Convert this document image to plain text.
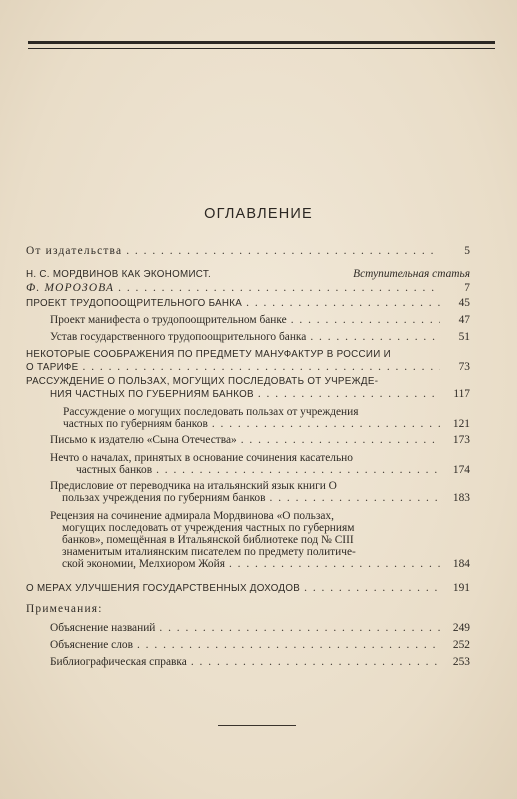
ОГЛАВЛЕНИЕ
От издательства . . .	5
Н. С. МОРДВИНОВ КАК ЭКОНОМИСТ.	Вступительная статья
Ф. МОРОЗОВА . . .	7
ПРОЕКТ ТРУДОПООЩРИТЕЛЬНОГО БАНКА . . .	45
Проект манифеста о трудопоощрительном банке . . .	47
Устав государственного трудопоощрительного банка . . .	51
НЕКОТОРЫЕ СООБРАЖЕНИЯ ПО ПРЕДМЕТУ МАНУФАКТУР В РОССИИ И
О ТАРИФЕ . . .	73
РАССУЖДЕНИЕ О ПОЛЬЗАХ, МОГУЩИХ ПОСЛЕДОВАТЬ ОТ УЧРЕЖДЕ-
НИЯ ЧАСТНЫХ ПО ГУБЕРНИЯМ БАНКОВ . . .	117
Рассуждение о могущих последовать пользах от учреждения
частных по губерниям банков . . .	121
Письмо к издателю «Сына Отечества» . . .	173
Нечто о началах, принятых в основание сочинения касательно
частных банков . . .	174
Предисловие от переводчика на итальянский язык книги О
пользах учреждения по губерниям банков . . .	183
Рецензия на сочинение адмирала Мордвинова «О пользах,
могущих последовать от учреждения частных по губерниям
банков», помещённая в Итальянской библиотеке под № CIII
знаменитым италиянским писателем по предмету политиче-
ской экономии, Мелхиором Жойя . . .	184
О МЕРАХ УЛУЧШЕНИЯ ГОСУДАРСТВЕННЫХ ДОХОДОВ . . .	191
Примечания:
Объяснение названий . . .	249
Объяснение слов . . .	252
Библиографическая справка . . .	253
